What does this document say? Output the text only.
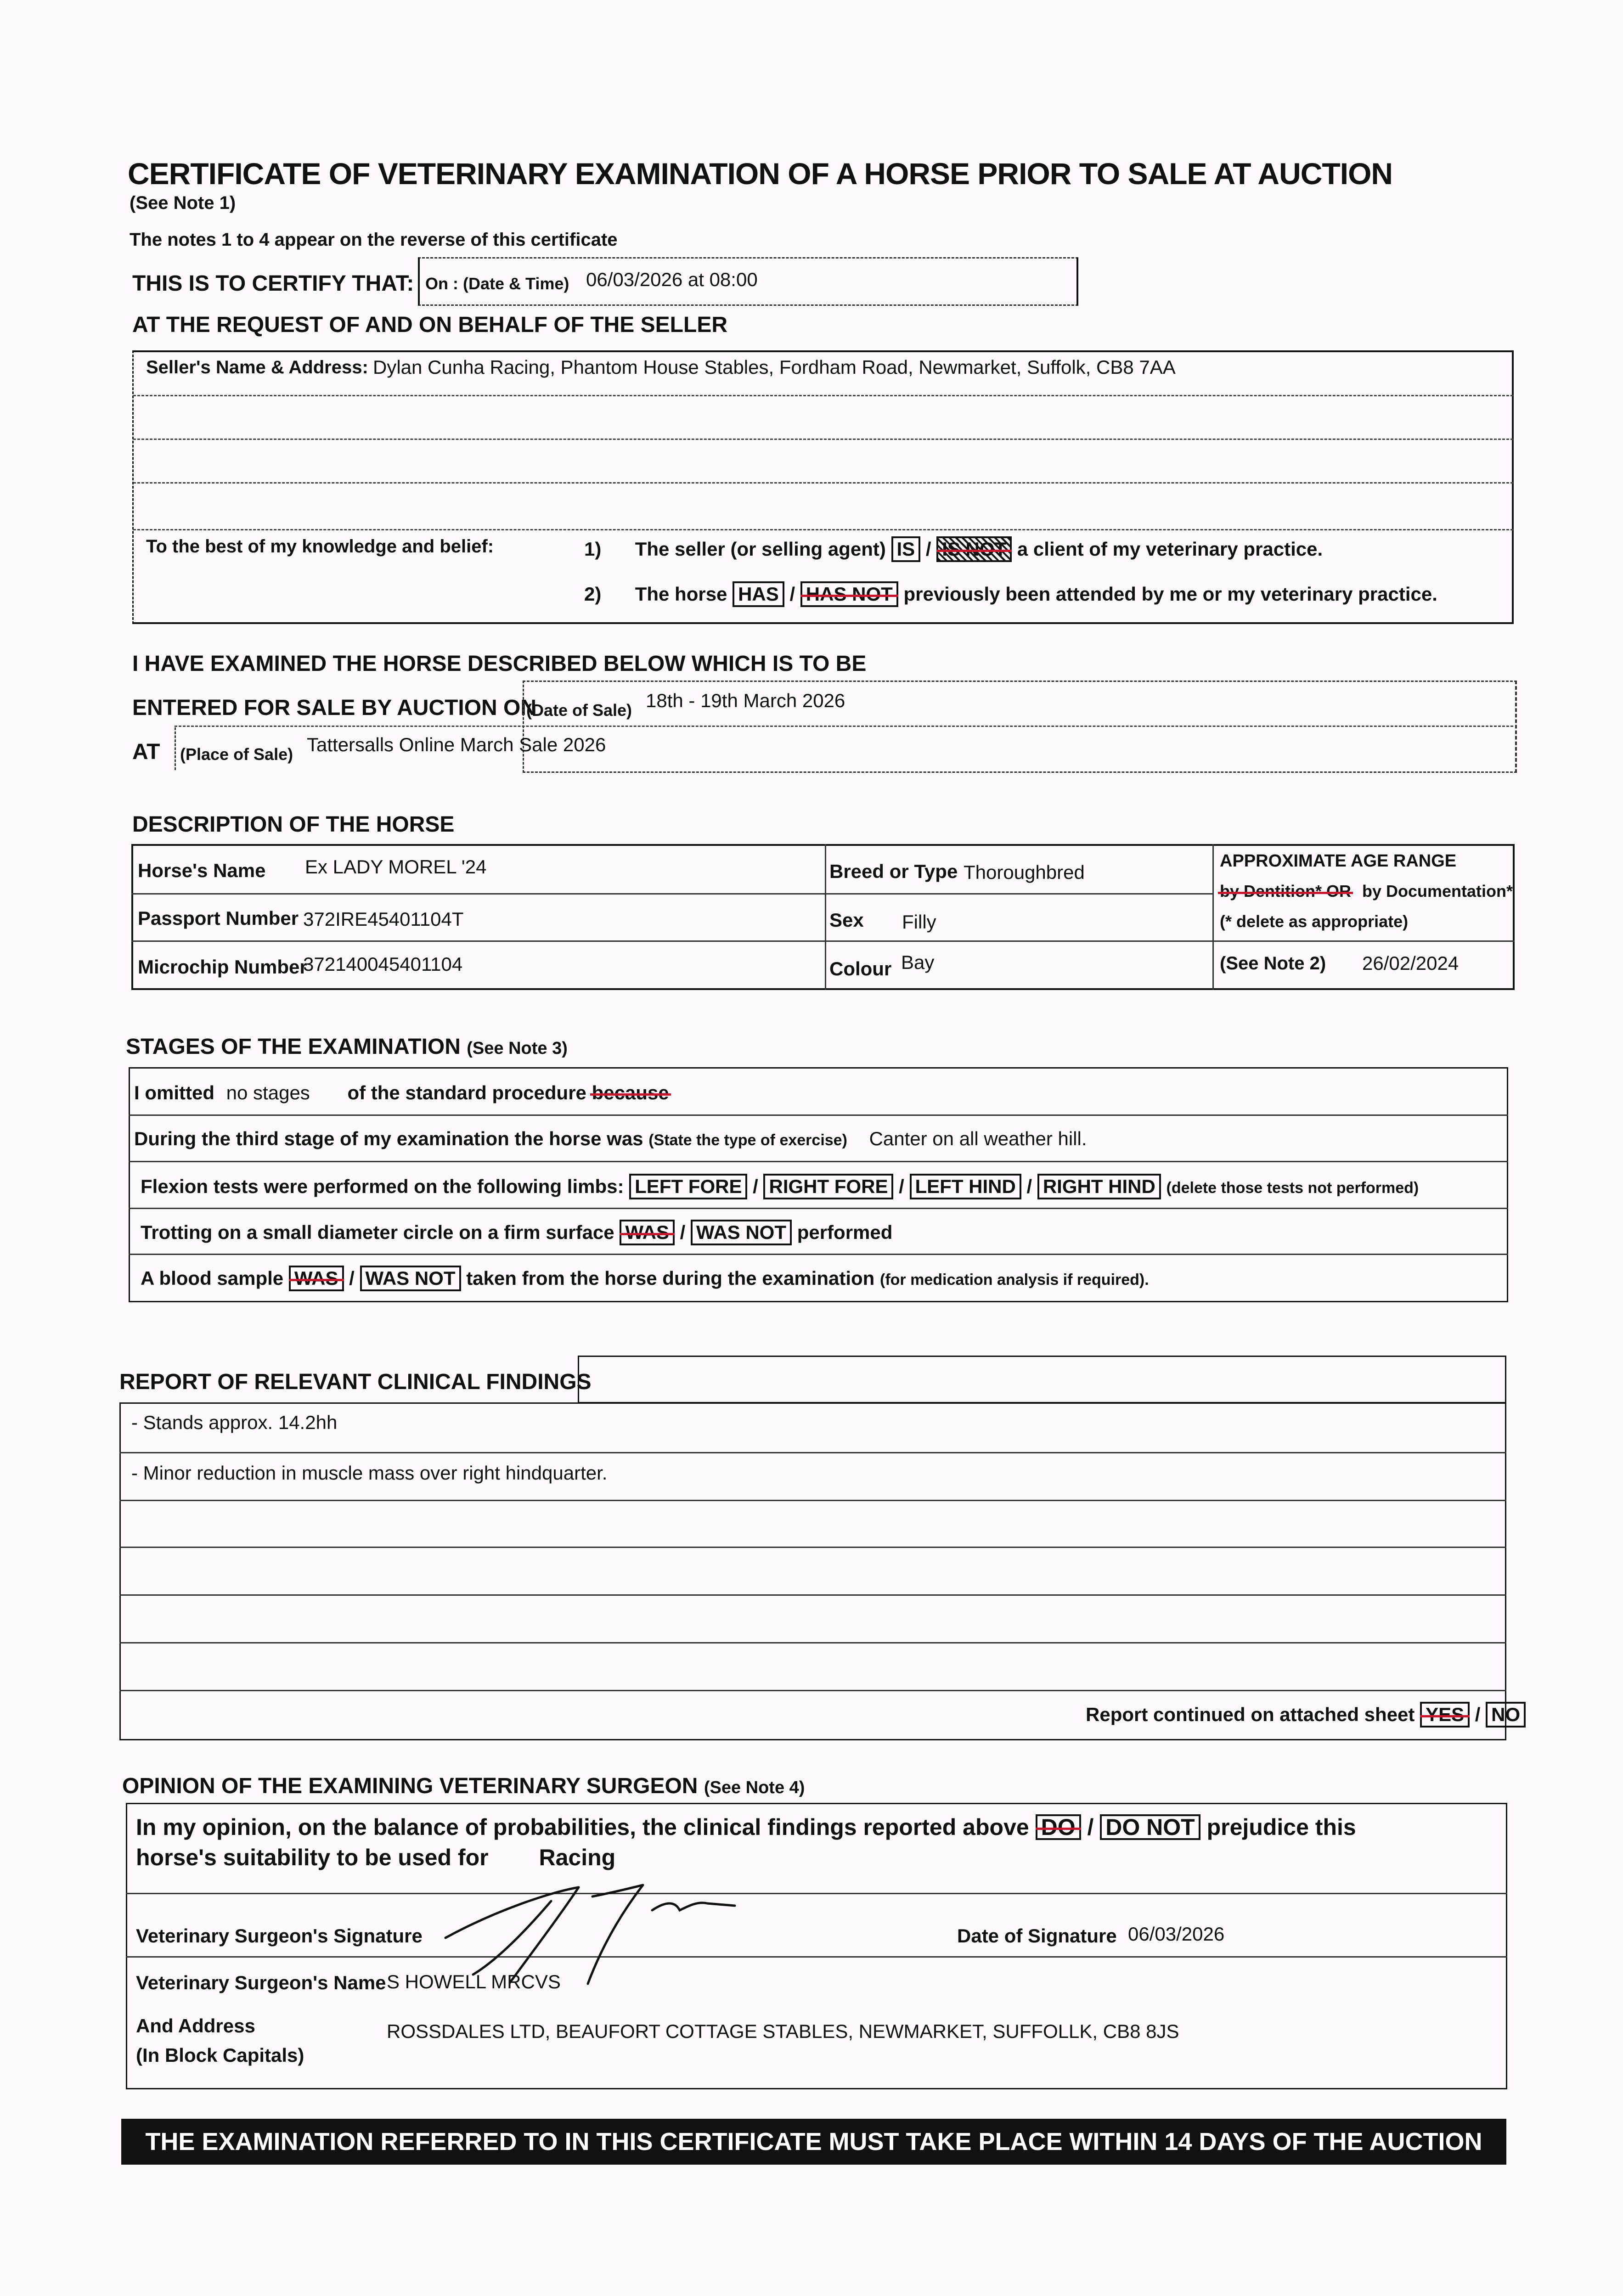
CERTIFICATE OF VETERINARY EXAMINATION OF A HORSE PRIOR TO SALE AT AUCTION
(See Note 1)
The notes 1 to 4 appear on the reverse of this certificate
THIS IS TO CERTIFY THAT: On : (Date & Time) 06/03/2026 at 08:00
AT THE REQUEST OF AND ON BEHALF OF THE SELLER
Seller's Name & Address: Dylan Cunha Racing, Phantom House Stables, Fordham Road, Newmarket, Suffolk, CB8 7AA
To the best of my knowledge and belief:	1) The seller (or selling agent) IS / IS NOT a client of my veterinary practice.
2) The horse HAS / HAS NOT previously been attended by me or my veterinary practice.
I HAVE EXAMINED THE HORSE DESCRIBED BELOW WHICH IS TO BE
ENTERED FOR SALE BY AUCTION ON
(Date of Sale) 18th - 19th March 2026
AT (Place of Sale) Tattersalls Online March Sale 2026
DESCRIPTION OF THE HORSE
Horse's Name Ex LADY MOREL '24
Passport Number 372IRE45401104T
Microchip Number
372140045401104
Breed or Type Thoroughbred
Sex Filly
Colour Bay
APPROXIMATE AGE RANGE
by Dentition* OR by Documentation*
(* delete as appropriate)
(See Note 2) 26/02/2024
STAGES OF THE EXAMINATION (See Note 3)
I omitted no stages of the standard procedure because
During the third stage of my examination the horse was (State the type of exercise) Canter on all weather hill.
Flexion tests were performed on the following limbs: LEFT FORE / RIGHT FORE / LEFT HIND / RIGHT HIND (delete those tests not performed)
Trotting on a small diameter circle on a firm surface WAS / WAS NOT performed
A blood sample WAS / WAS NOT taken from the horse during the examination (for medication analysis if required).
REPORT OF RELEVANT CLINICAL FINDINGS
- Stands approx. 14.2hh
- Minor reduction in muscle mass over right hindquarter.
Report continued on attached sheet YES / NO
OPINION OF THE EXAMINING VETERINARY SURGEON (See Note 4)
In my opinion, on the balance of probabilities, the clinical findings reported above DO / DO NOT prejudice this
horse's suitability to be used for Racing
Veterinary Surgeon's Signature	Date of Signature 06/03/2026
Veterinary Surgeon's Name S HOWELL MRCVS
And Address
(In Block Capitals)
ROSSDALES LTD, BEAUFORT COTTAGE STABLES, NEWMARKET, SUFFOLLK, CB8 8JS
THE EXAMINATION REFERRED TO IN THIS CERTIFICATE MUST TAKE PLACE WITHIN 14 DAYS OF THE AUCTION
